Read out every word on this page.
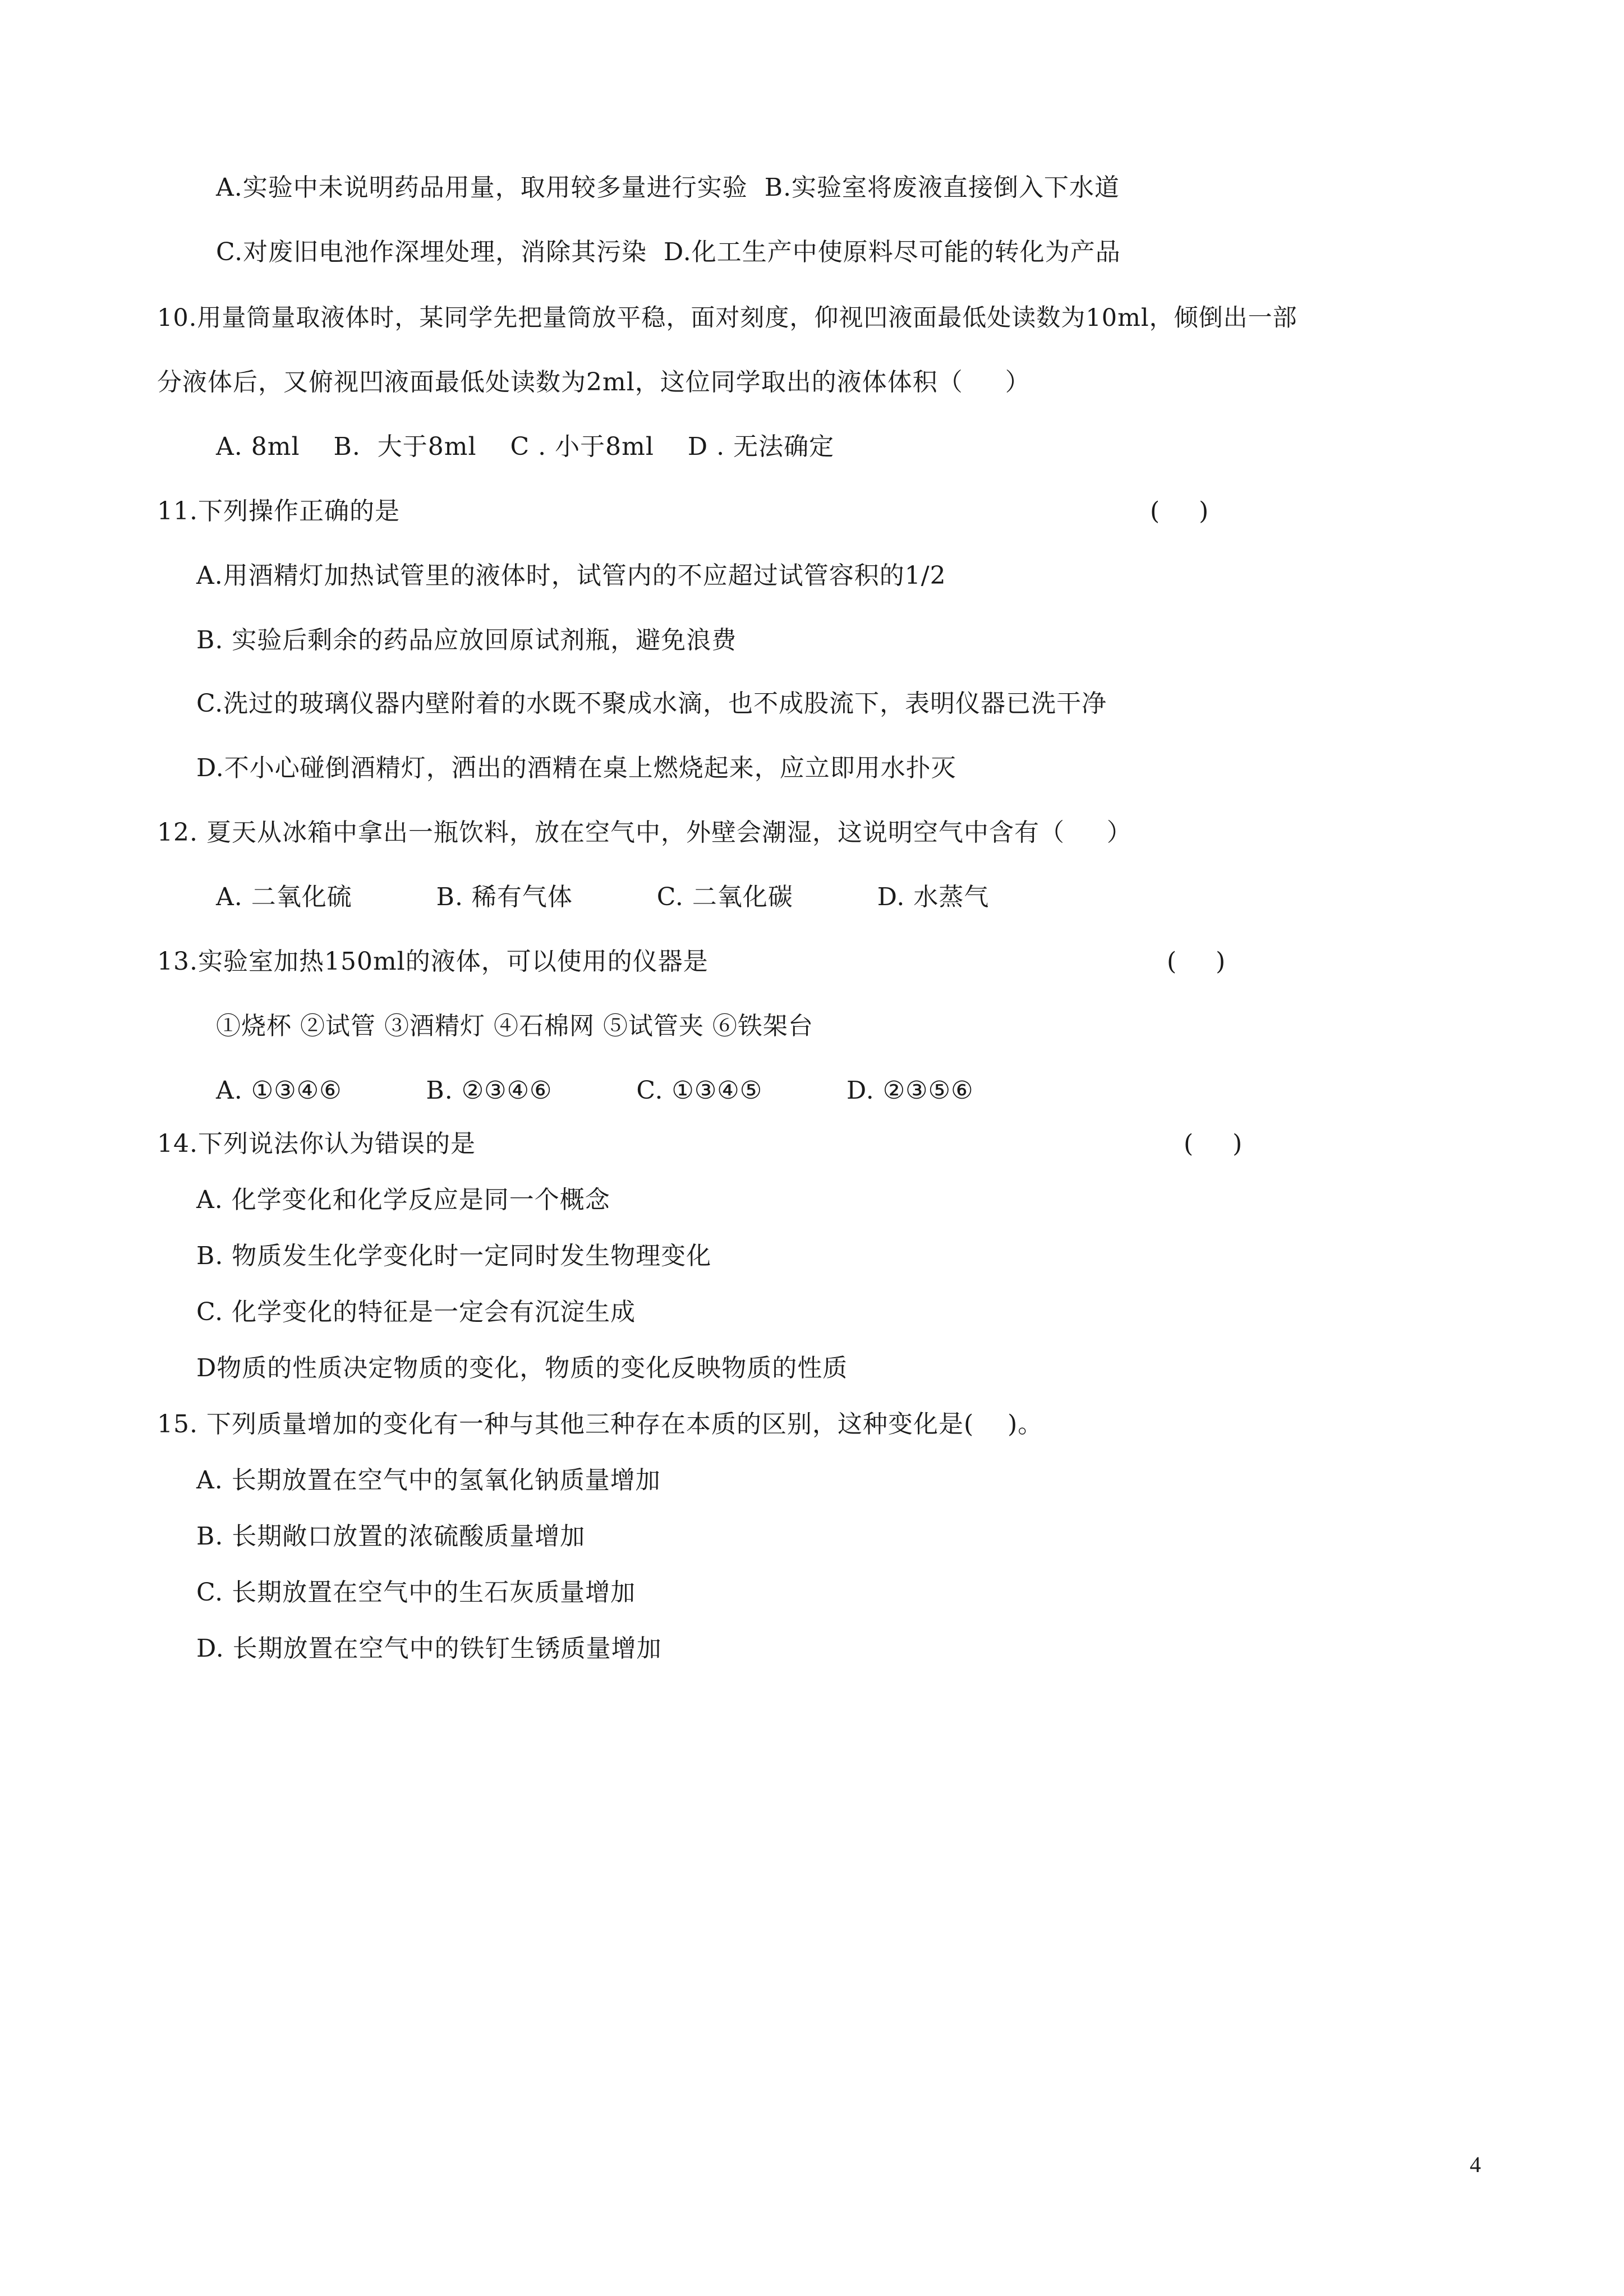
A.实验中未说明药品用量，取用较多量进行实验  B.实验室将废液直接倒入下水道
C.对废旧电池作深埋处理，消除其污染  D.化工生产中使原料尽可能的转化为产品
10.用量筒量取液体时，某同学先把量筒放平稳，面对刻度，仰视凹液面最低处读数为10ml，倾倒出一部
分液体后，又俯视凹液面最低处读数为2ml，这位同学取出的液体体积（     ）
A. 8ml    B.  大于8ml    C . 小于8ml    D . 无法确定
11.下列操作正确的是	(     )
A.用酒精灯加热试管里的液体时，试管内的不应超过试管容积的1/2
B. 实验后剩余的药品应放回原试剂瓶，避免浪费
C.洗过的玻璃仪器内壁附着的水既不聚成水滴，也不成股流下，表明仪器已洗干净
D.不小心碰倒酒精灯，洒出的酒精在桌上燃烧起来，应立即用水扑灭
12. 夏天从冰箱中拿出一瓶饮料，放在空气中，外壁会潮湿，这说明空气中含有（     ）
A. 二氧化硫          B. 稀有气体          C. 二氧化碳          D. 水蒸气
13.实验室加热150ml的液体，可以使用的仪器是	(     )
①烧杯 ②试管 ③酒精灯 ④石棉网 ⑤试管夹 ⑥铁架台
A. ①③④⑥          B. ②③④⑥          C. ①③④⑤          D. ②③⑤⑥
14.下列说法你认为错误的是	(     )
A. 化学变化和化学反应是同一个概念
B. 物质发生化学变化时一定同时发生物理变化
C. 化学变化的特征是一定会有沉淀生成
D物质的性质决定物质的变化，物质的变化反映物质的性质
15. 下列质量增加的变化有一种与其他三种存在本质的区别，这种变化是(    )。
A. 长期放置在空气中的氢氧化钠质量增加
B. 长期敞口放置的浓硫酸质量增加
C. 长期放置在空气中的生石灰质量增加
D. 长期放置在空气中的铁钉生锈质量增加
4
